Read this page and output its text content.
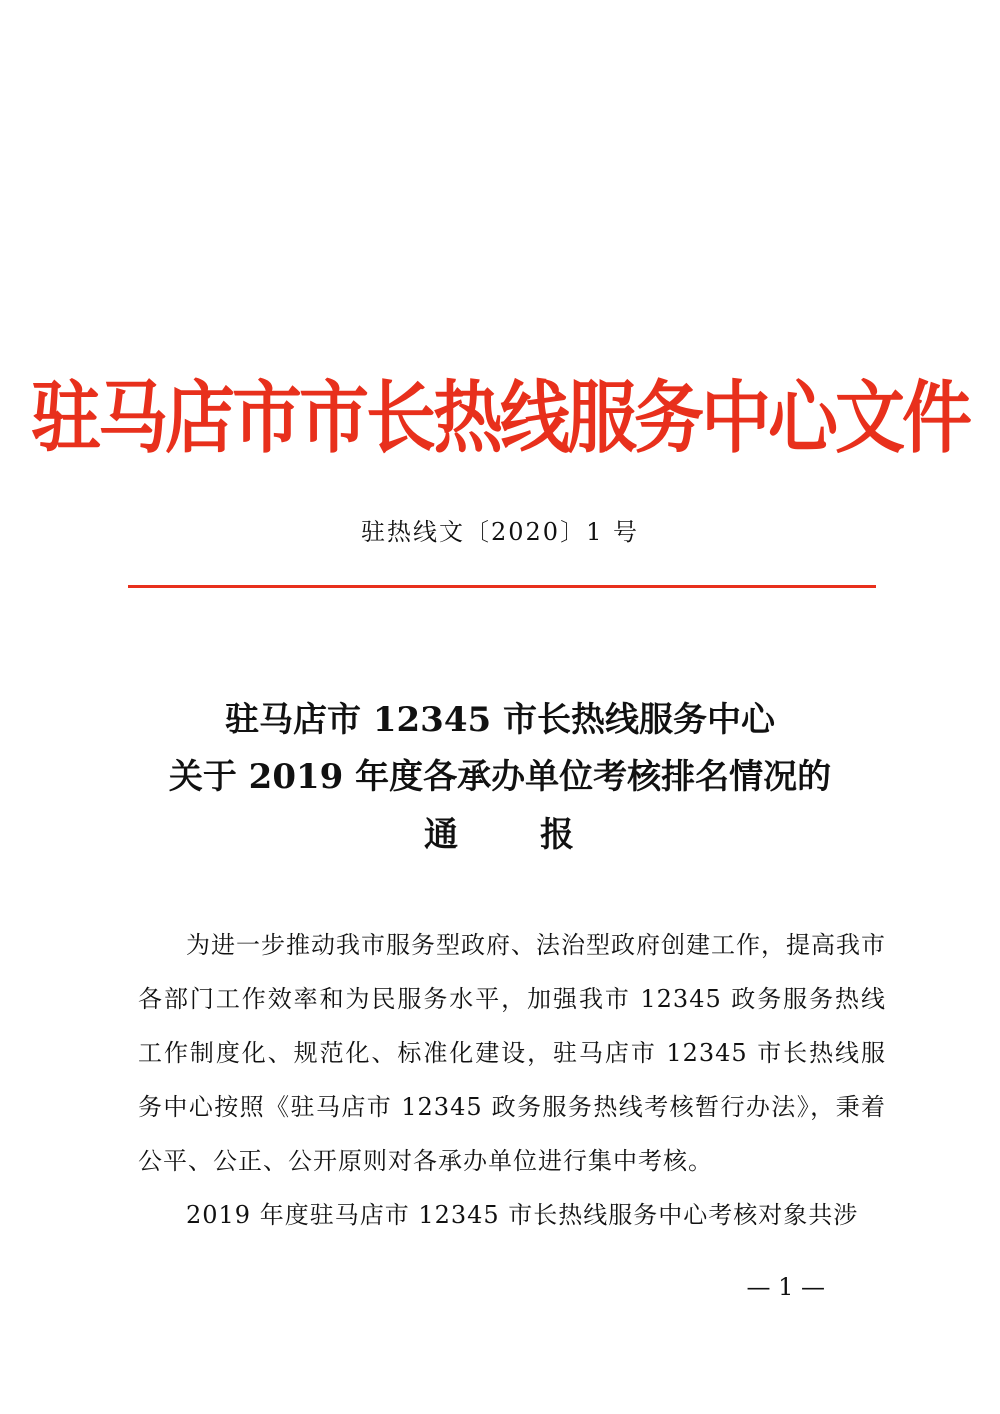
驻马店市市长热线服务中心文件
驻热线文〔2020〕1 号
驻马店市 12345 市长热线服务中心
关于 2019 年度各承办单位考核排名情况的
通 报

为进一步推动我市服务型政府、法治型政府创建工作，提高我市各部门工作效率和为民服务水平，加强我市 12345 政务服务热线工作制度化、规范化、标准化建设，驻马店市 12345 市长热线服务中心按照《驻马店市 12345 政务服务热线考核暂行办法》，秉着公平、公正、公开原则对各承办单位进行集中考核。

2019 年度驻马店市 12345 市长热线服务中心考核对象共涉

— 1 —
